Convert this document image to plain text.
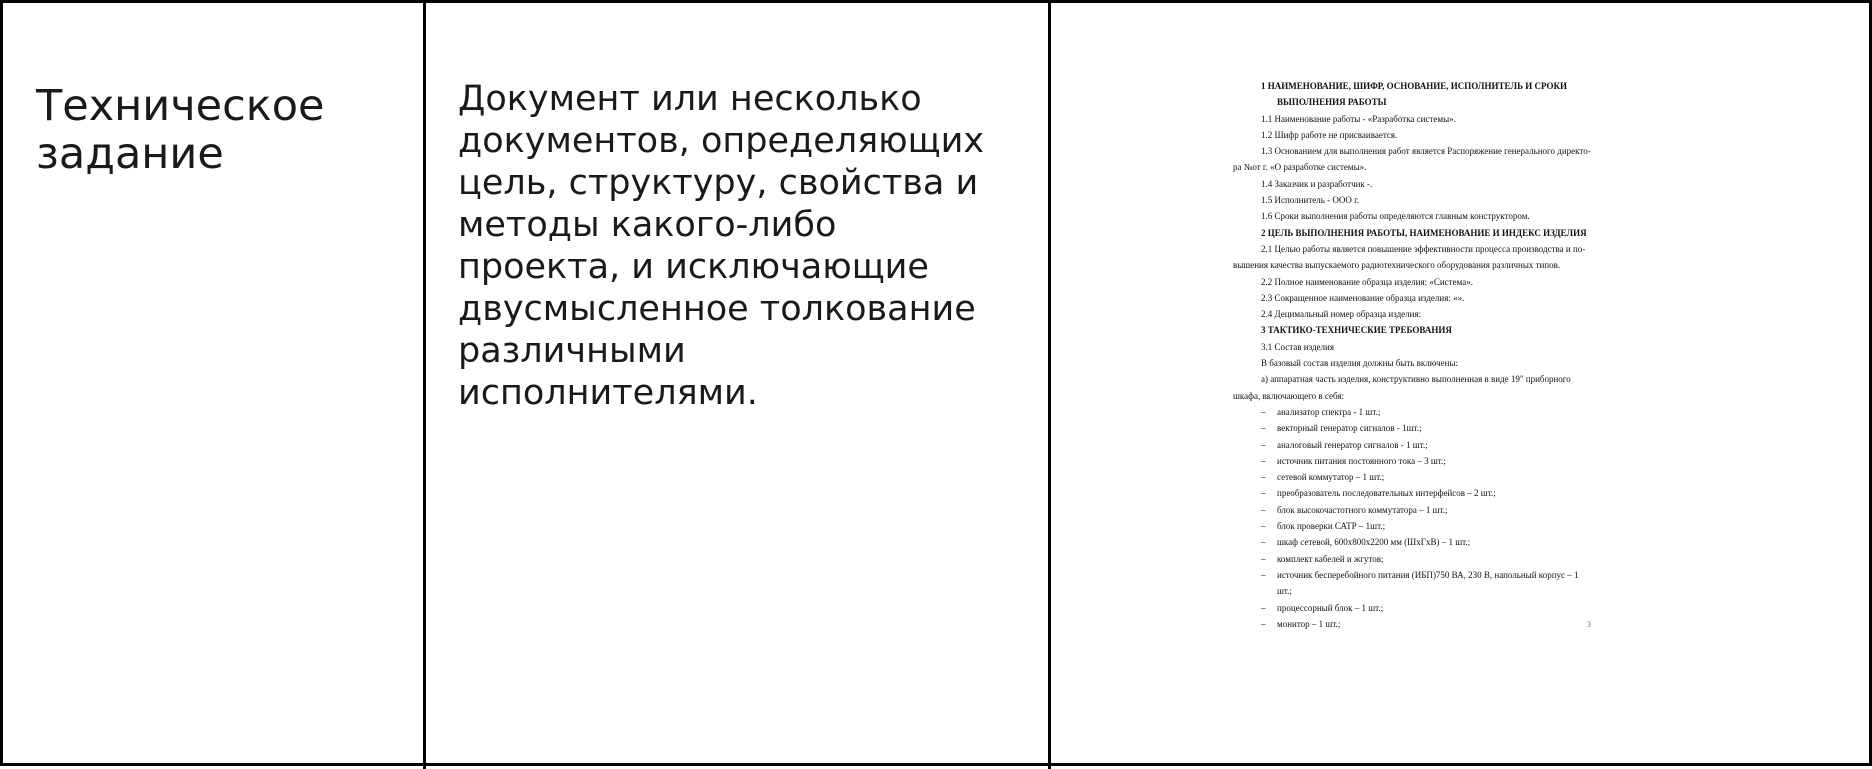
Техническое
задание
Документ или несколько
документов, определяющих
цель, структуру, свойства и
методы какого-либо
проекта, и исключающие
двусмысленное толкование
различными
исполнителями.
1 НАИМЕНОВАНИЕ, ШИФР, ОСНОВАНИЕ, ИСПОЛНИТЕЛЬ И СРОКИ
ВЫПОЛНЕНИЯ РАБОТЫ
1.1 Наименование работы - «Разработка системы».
1.2 Шифр работе не присваивается.
1.3 Основанием для выполнения работ является Распоряжение генерального директо-
ра №от г. «О разработке системы».
1.4 Заказчик и разработчик -.
1.5 Исполнитель - ООО г.
1.6 Сроки выполнения работы определяются главным конструктором.
2 ЦЕЛЬ ВЫПОЛНЕНИЯ РАБОТЫ, НАИМЕНОВАНИЕ И ИНДЕКС ИЗДЕЛИЯ
2.1 Целью работы является повышение эффективности процесса производства и по-
вышения качества выпускаемого радиотехнического оборудования различных типов.
2.2 Полное наименование образца изделия: «Система».
2.3 Сокращенное наименование образца изделия: «».
2.4 Децимальный номер образца изделия:
3 ТАКТИКО-ТЕХНИЧЕСКИЕ ТРЕБОВАНИЯ
3.1 Состав изделия
В базовый состав изделия должны быть включены:
а) аппаратная часть изделия, конструктивно выполненная в виде 19" приборного
шкафа, включающего в себя:
– анализатор спектра - 1 шт.;
– векторный генератор сигналов - 1шт.;
– аналоговый генератор сигналов - 1 шт.;
– источник питания постоянного тока – 3 шт.;
– сетевой коммутатор – 1 шт.;
– преобразователь последовательных интерфейсов – 2 шт.;
– блок высокочастотного коммутатора – 1 шт.;
– блок проверки САТР – 1шт.;
– шкаф сетевой, 600х800х2200 мм (ШхГхВ) – 1 шт.;
– комплект кабелей и жгутов;
– источник бесперебойного питания (ИБП)750 ВА, 230 В, напольный корпус – 1
шт.;
– процессорный блок – 1 шт.;
– монитор – 1 шт.;	3
